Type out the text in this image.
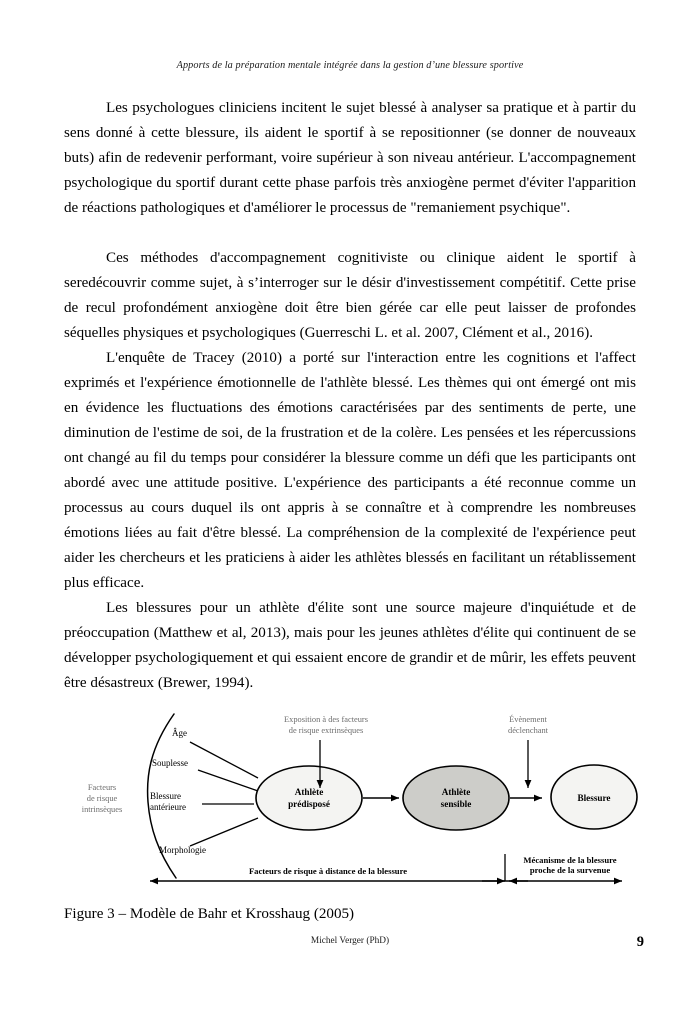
Apports de la préparation mentale intégrée dans la gestion d’une blessure sportive

Les psychologues cliniciens incitent le sujet blessé à analyser sa pratique et à partir du sens donné à cette blessure, ils aident le sportif à se repositionner (se donner de nouveaux buts) afin de redevenir performant, voire supérieur à son niveau antérieur. L'accompagnement psychologique du sportif durant cette phase parfois très anxiogène permet d'éviter l'apparition de réactions pathologiques et d'améliorer le processus de "remaniement psychique".

Ces méthodes d'accompagnement cognitiviste ou clinique aident le sportif à seredécouvrir comme sujet, à s’interroger sur le désir d'investissement compétitif. Cette prise de recul profondément anxiogène doit être bien gérée car elle peut laisser de profondes séquelles physiques et psychologiques (Guerreschi L. et al. 2007, Clément et al., 2016).

L'enquête de Tracey (2010) a porté sur l'interaction entre les cognitions et l'affect exprimés et l'expérience émotionnelle de l'athlète blessé. Les thèmes qui ont émergé ont mis en évidence les fluctuations des émotions caractérisées par des sentiments de perte, une diminution de l'estime de soi, de la frustration et de la colère. Les pensées et les répercussions ont changé au fil du temps pour considérer la blessure comme un défi que les participants ont abordé avec une attitude positive. L'expérience des participants a été reconnue comme un processus au cours duquel ils ont appris à se connaître et à comprendre les nombreuses émotions liées au fait d'être blessé. La compréhension de la complexité de l'expérience peut aider les chercheurs et les praticiens à aider les athlètes blessés en facilitant un rétablissement plus efficace.

Les blessures pour un athlète d'élite sont une source majeure d'inquiétude et de préoccupation (Matthew et al, 2013), mais pour les jeunes athlètes d'élite qui continuent de se développer psychologiquement et qui essaient encore de grandir et de mûrir, les effets peuvent être désastreux (Brewer, 1994).

Facteurs
de risque
intrinsèques
Âge
Souplesse
Blessure
antérieure
Morphologie
Athlète
prédisposé
Exposition à des facteurs
de risque extrinsèques
Athlète
sensible
Évènement
déclenchant
Blessure
Facteurs de risque à distance de la blessure
Mécanisme de la blessure
proche de la survenue
Figure 3 – Modèle de Bahr et Krosshaug (2005)
Michel Verger (PhD)	9
